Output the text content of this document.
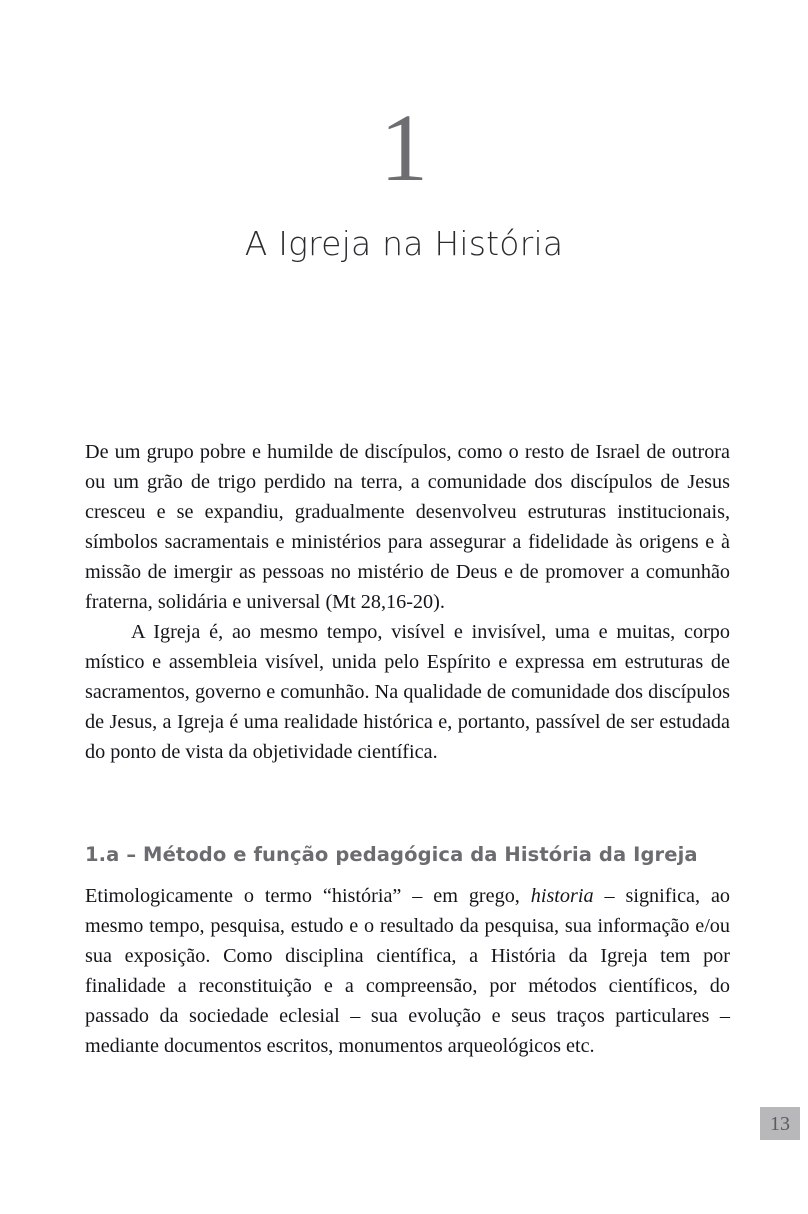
1
A Igreja na História

De um grupo pobre e humilde de discípulos, como o resto de Israel de outrora ou um grão de trigo perdido na terra, a comunidade dos discípulos de Jesus cresceu e se expandiu, gradualmente desenvolveu estruturas institucionais, símbolos sacramentais e ministérios para assegurar a fidelidade às origens e à missão de imergir as pessoas no mistério de Deus e de promover a comunhão fraterna, solidária e universal (Mt 28,16-20).

A Igreja é, ao mesmo tempo, visível e invisível, uma e muitas, corpo místico e assembleia visível, unida pelo Espírito e expressa em estruturas de sacramentos, governo e comunhão. Na qualidade de comunidade dos discípulos de Jesus, a Igreja é uma realidade histórica e, portanto, passível de ser estudada do ponto de vista da objetividade científica.

1.a – Método e função pedagógica da História da Igreja

Etimologicamente o termo “história” – em grego, historia – significa, ao mesmo tempo, pesquisa, estudo e o resultado da pesquisa, sua informação e/ou sua exposição. Como disciplina científica, a História da Igreja tem por finalidade a reconstituição e a compreensão, por métodos científicos, do passado da sociedade eclesial – sua evolução e seus traços particulares – mediante documentos escritos, monumentos arqueológicos etc.

13
